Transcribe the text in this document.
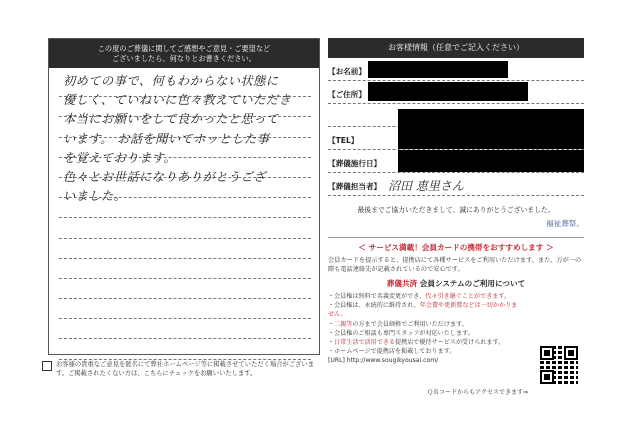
この度のご葬儀に関してご感想やご意見・ご要望など
ございましたら、何なりとお書きください。
初めての事で、何もわからない状態に
優しく、ていねいに色々教えていただき
本当にお願いをして良かったと思って
います。 お話を聞いてホッとした事
を覚えております。
色々とお世話になりありがとうござ
いました。
お客様の貴重なご意見を匿名にて弊社ホームページ等に掲載させていただく場合がございます。ご掲載されたくない方は、こちらにチェックをお願いいたします。
お客様情報（任意でご記入ください）
【お名前】
【ご住所】
【TEL】
【葬儀施行日】
【葬儀担当者】 沼田 恵里さん
最後までご協力いただきまして、誠にありがとうございました。
福祉葬祭。
＜ サービス満載！会員カードの携帯をおすすめします ＞
会員カードを提示すると、提携店にて各種サービスをご利用いただけます。また、万が一の際も電話連絡先が記載されているので安心です。
葬儀共済 会員システムのご利用について
・会員権は無料で名義変更ができ、代々引き継ぐことができます。
・会員権は、永続的に維持され、年会費や更新費などは一切かかりません。
・二親等の方まで会員価格でご利用いただけます。
・会員権のご相談も専門スタッフが対応いたします。
・日常生活で活用できる提携店で優待サービスが受けられます。
・ホームページで提携店を掲載しております。
[URL] http://www.sougikyousai.com/
ＱＲコードからもアクセスできます⇒
